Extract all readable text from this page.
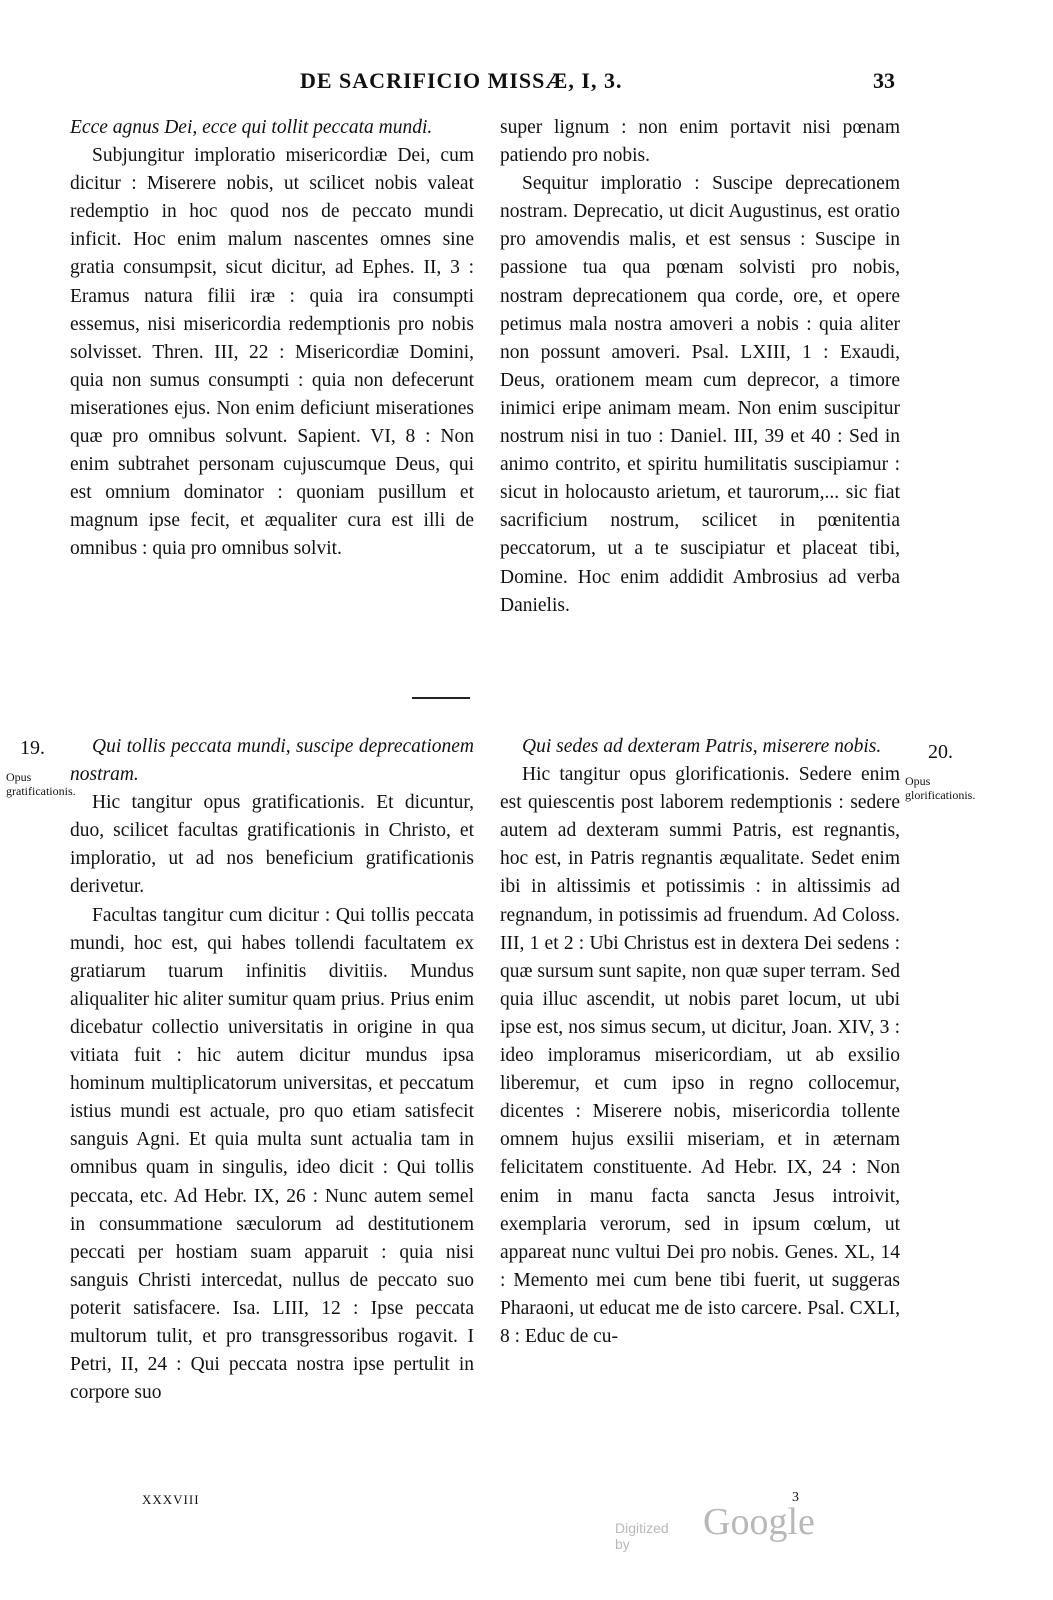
DE SACRIFICIO MISSÆ, I, 3.	33

Ecce agnus Dei, ecce qui tollit peccata mundi.

Subjungitur imploratio misericordiæ Dei, cum dicitur : Miserere nobis, ut scilicet nobis valeat redemptio in hoc quod nos de peccato mundi inficit. Hoc enim malum nascentes omnes sine gratia consumpsit, sicut dicitur, ad Ephes. II, 3 : Eramus natura filii iræ : quia ira consumpti essemus, nisi misericordia redemptionis pro nobis solvisset. Thren. III, 22 : Misericordiæ Domini, quia non sumus consumpti : quia non defecerunt miserationes ejus. Non enim deficiunt miserationes quæ pro omnibus solvunt. Sapient. VI, 8 : Non enim subtrahet personam cujuscumque Deus, qui est omnium dominator : quoniam pusillum et magnum ipse fecit, et æqualiter cura est illi de omnibus : quia pro omnibus solvit.

super lignum : non enim portavit nisi pœnam patiendo pro nobis.

Sequitur imploratio : Suscipe deprecationem nostram. Deprecatio, ut dicit Augustinus, est oratio pro amovendis malis, et est sensus : Suscipe in passione tua qua pœnam solvisti pro nobis, nostram deprecationem qua corde, ore, et opere petimus mala nostra amoveri a nobis : quia aliter non possunt amoveri. Psal. LXIII, 1 : Exaudi, Deus, orationem meam cum deprecor, a timore inimici eripe animam meam. Non enim suscipitur nostrum nisi in tuo : Daniel. III, 39 et 40 : Sed in animo contrito, et spiritu humilitatis suscipiamur : sicut in holocausto arietum, et taurorum,... sic fiat sacrificium nostrum, scilicet in pœnitentia peccatorum, ut a te suscipiatur et placeat tibi, Domine. Hoc enim addidit Ambrosius ad verba Danielis.

19.
Opus gratificationis.

Qui tollis peccata mundi, suscipe deprecationem nostram.

Hic tangitur opus gratificationis. Et dicuntur, duo, scilicet facultas gratificationis in Christo, et imploratio, ut ad nos beneficium gratificationis derivetur.

Facultas tangitur cum dicitur : Qui tollis peccata mundi, hoc est, qui habes tollendi facultatem ex gratiarum tuarum infinitis divitiis. Mundus aliqualiter hic aliter sumitur quam prius. Prius enim dicebatur collectio universitatis in origine in qua vitiata fuit : hic autem dicitur mundus ipsa hominum multiplicatorum universitas, et peccatum istius mundi est actuale, pro quo etiam satisfecit sanguis Agni. Et quia multa sunt actualia tam in omnibus quam in singulis, ideo dicit : Qui tollis peccata, etc. Ad Hebr. IX, 26 : Nunc autem semel in consummatione sæculorum ad destitutionem peccati per hostiam suam apparuit : quia nisi sanguis Christi intercedat, nullus de peccato suo poterit satisfacere. Isa. LIII, 12 : Ipse peccata multorum tulit, et pro transgressoribus rogavit. I Petri, II, 24 : Qui peccata nostra ipse pertulit in corpore suo

Qui sedes ad dexteram Patris, miserere nobis.

Hic tangitur opus glorificationis. Sedere enim est quiescentis post laborem redemptionis : sedere autem ad dexteram summi Patris, est regnantis, hoc est, in Patris regnantis æqualitate. Sedet enim ibi in altissimis et potissimis : in altissimis ad regnandum, in potissimis ad fruendum. Ad Coloss. III, 1 et 2 : Ubi Christus est in dextera Dei sedens : quæ sursum sunt sapite, non quæ super terram. Sed quia illuc ascendit, ut nobis paret locum, ut ubi ipse est, nos simus secum, ut dicitur, Joan. XIV, 3 : ideo imploramus misericordiam, ut ab exsilio liberemur, et cum ipso in regno collocemur, dicentes : Miserere nobis, misericordia tollente omnem hujus exsilii miseriam, et in æternam felicitatem constituente. Ad Hebr. IX, 24 : Non enim in manu facta sancta Jesus introivit, exemplaria verorum, sed in ipsum cœlum, ut appareat nunc vultui Dei pro nobis. Genes. XL, 14 : Memento mei cum bene tibi fuerit, ut suggeras Pharaoni, ut educat me de isto carcere. Psal. CXLI, 8 : Educ de cu-

20.
Opus glorificationis.
XXXVIII	3
Digitized by
Google
